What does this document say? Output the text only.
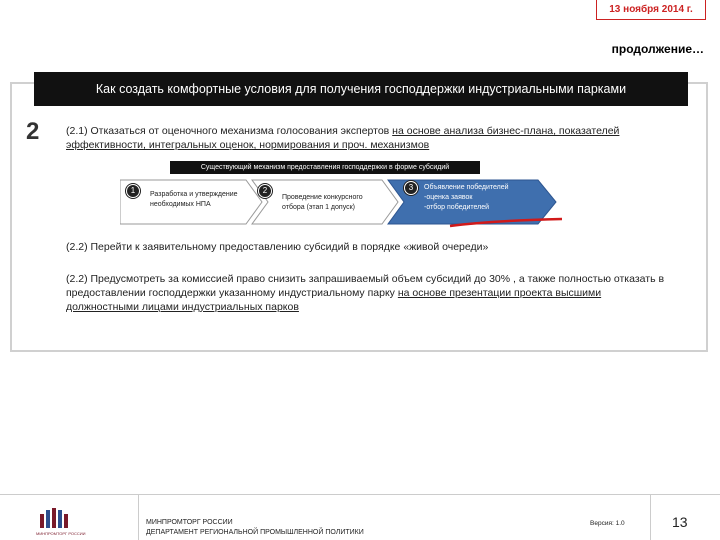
13 ноября 2014 г.
продолжение…
Как создать комфортные условия для получения господдержки индустриальными парками
2	(2.1) Отказаться от оценочного механизма голосования экспертов на основе анализа бизнес-плана, показателей эффективности, интегральных оценок, нормирования и проч. механизмов
Существующий механизм предоставления господдержки в форме субсидий
1	Разработка и утверждение необходимых НПА
2
Проведение конкурсного отбора (этап 1 допуск)
3	Объявление победителей
-оценка заявок
-отбор победителей
(2.2) Перейти к заявительному предоставлению субсидий в порядке «живой очереди»
(2.2) Предусмотреть за комиссией право снизить запрашиваемый объем субсидий до 30% , а также полностью отказать в предоставлении господдержки указанному индустриальному парку на основе презентации проекта высшими должностными лицами индустриальных парков
МИНПРОМТОРГ РОССИИ
МИНПРОМТОРГ РОССИИ
ДЕПАРТАМЕНТ РЕГИОНАЛЬНОЙ ПРОМЫШЛЕННОЙ ПОЛИТИКИ
Версия: 1.0	13
